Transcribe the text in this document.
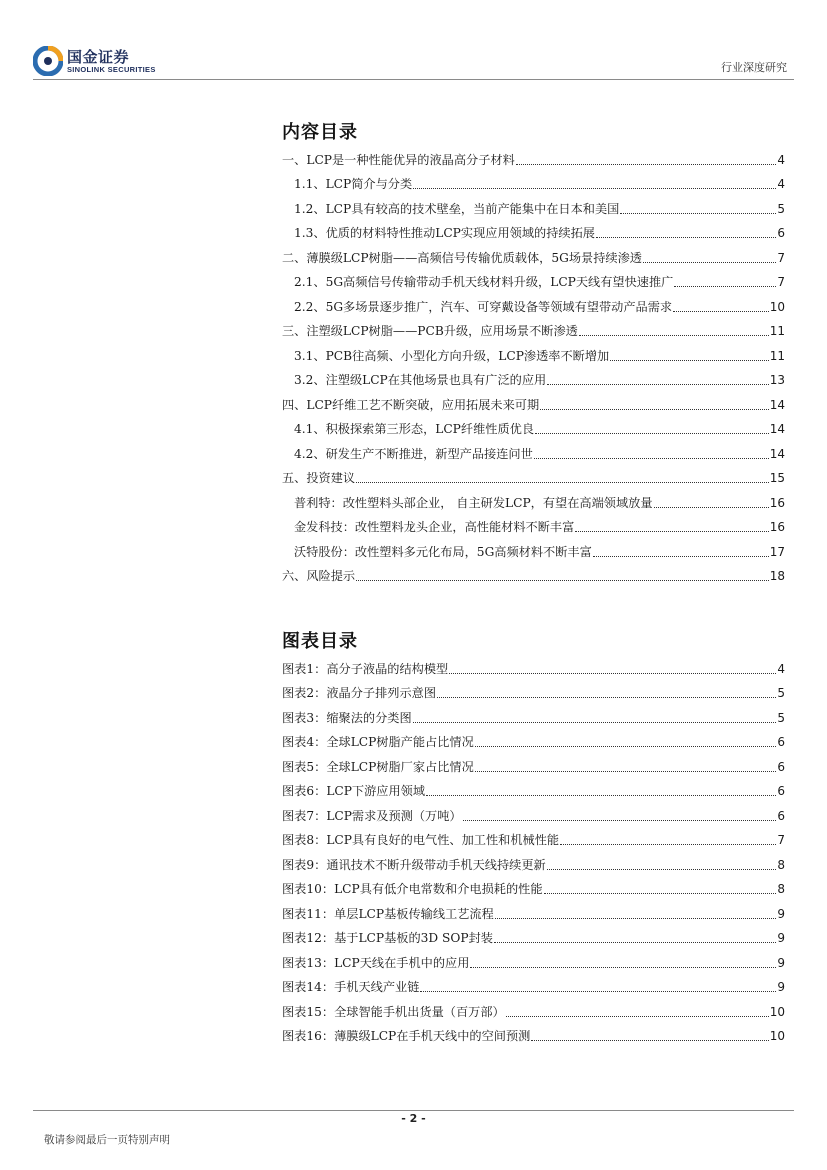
国金证券
SINOLINK SECURITIES	行业深度研究
内容目录
一、LCP是一种性能优异的液晶高分子材料	4
1.1、LCP简介与分类	4
1.2、LCP具有较高的技术壁垒，当前产能集中在日本和美国	5
1.3、优质的材料特性推动LCP实现应用领域的持续拓展	6
二、薄膜级LCP树脂——高频信号传输优质载体，5G场景持续渗透	7
2.1、5G高频信号传输带动手机天线材料升级，LCP天线有望快速推广	7
2.2、5G多场景逐步推广，汽车、可穿戴设备等领域有望带动产品需求	10
三、注塑级LCP树脂——PCB升级，应用场景不断渗透	11
3.1、PCB往高频、小型化方向升级，LCP渗透率不断增加	11
3.2、注塑级LCP在其他场景也具有广泛的应用	13
四、LCP纤维工艺不断突破，应用拓展未来可期	14
4.1、积极探索第三形态，LCP纤维性质优良	14
4.2、研发生产不断推进，新型产品接连问世	14
五、投资建议	15
普利特：改性塑料头部企业， 自主研发LCP，有望在高端领域放量	16
金发科技：改性塑料龙头企业，高性能材料不断丰富	16
沃特股份：改性塑料多元化布局，5G高频材料不断丰富	17
六、风险提示	18
图表目录
图表1：高分子液晶的结构模型	4
图表2：液晶分子排列示意图	5
图表3：缩聚法的分类图	5
图表4：全球LCP树脂产能占比情况	6
图表5：全球LCP树脂厂家占比情况	6
图表6：LCP下游应用领域	6
图表7：LCP需求及预测（万吨）	6
图表8：LCP具有良好的电气性、加工性和机械性能	7
图表9：通讯技术不断升级带动手机天线持续更新	8
图表10：LCP具有低介电常数和介电损耗的性能	8
图表11：单层LCP基板传输线工艺流程	9
图表12：基于LCP基板的3D SOP封装	9
图表13：LCP天线在手机中的应用	9
图表14：手机天线产业链	9
图表15：全球智能手机出货量（百万部）	10
图表16：薄膜级LCP在手机天线中的空间预测	10
- 2 -
敬请参阅最后一页特别声明
